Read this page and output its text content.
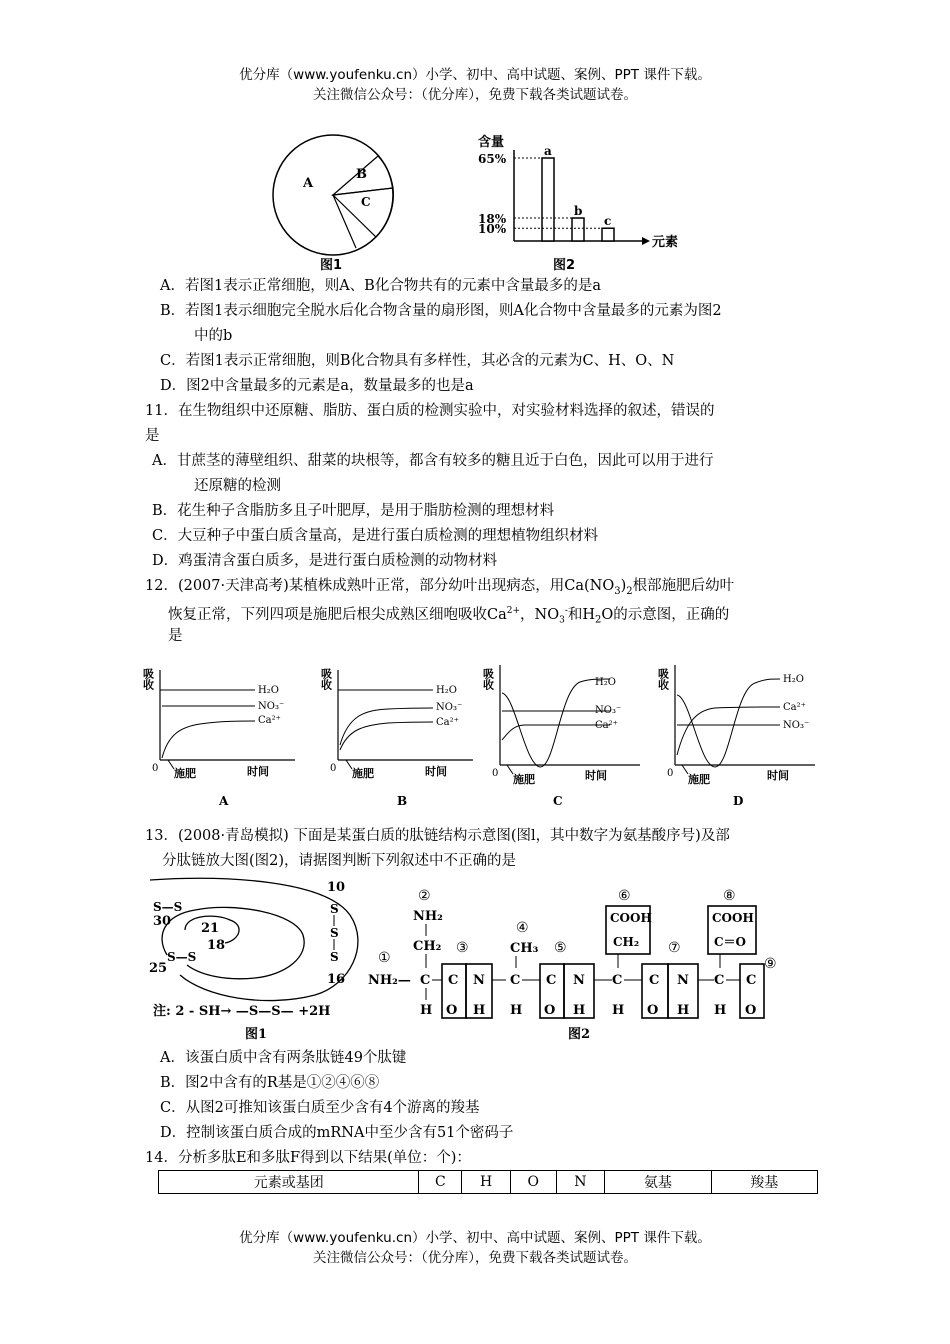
优分库（www.youfenku.cn）小学、初中、高中试题、案例、PPT 课件下载。
关注微信公众号：（优分库），免费下载各类试题试卷。
A
B
C
图1
含量
元素
65%
a
18%
b
10%
c
图2
A．若图1表示正常细胞，则A、B化合物共有的元素中含量最多的是a
B．若图1表示细胞完全脱水后化合物含量的扇形图，则A化合物中含量最多的元素为图2
中的b
C．若图1表示正常细胞，则B化合物具有多样性，其必含的元素为C、H、O、N
D．图2中含量最多的元素是a，数量最多的也是a
11．在生物组织中还原糖、脂肪、蛋白质的检测实验中，对实验材料选择的叙述，错误的
是
A．甘蔗茎的薄壁组织、甜菜的块根等，都含有较多的糖且近于白色，因此可以用于进行
还原糖的检测
B．花生种子含脂肪多且子叶肥厚，是用于脂肪检测的理想材料
C．大豆种子中蛋白质含量高，是进行蛋白质检测的理想植物组织材料
D．鸡蛋清含蛋白质多，是进行蛋白质检测的动物材料
12．(2007·天津高考)某植株成熟叶正常，部分幼叶出现病态，用$Ca(NO_3)_2$根部施肥后幼叶
恢复正常，下列四项是施肥后根尖成熟区细咆吸收$Ca^{2+}$，$NO_3^-$和$H_2O$的示意图，正确的
是
吸收
H₂O
NO₃⁻
Ca²⁺
0 施肥	时间
A
吸收
H₂O
NO₃⁻
Ca²⁺
0 施肥	时间
B
吸收	H₂O
NO₃⁻
Ca²⁺
0 施肥	时间
C
吸收	H₂O
Ca²⁺
NO₃⁻
0 施肥	时间
D
13．(2008·青岛模拟) 下面是某蛋白质的肽链结构示意图(图l，其中数字为氨基酸序号)及部
分肽链放大图(图2)，请据图判断下列叙述中不正确的是
10
30 21
18
25
16
S—S
S—S
S
S
S
注: 2 - SH→ —S—S— +2H
图1
②
NH₂
CH₂
①
NH₂— C
H
③
C
O
N
H
④
CH₃
C
H
⑤
C
O
N
H
⑥
COOH
CH₂
C
H
⑦
C
O
N
H
⑧
COOH
C＝O
C
H
⑨
C
O
图2
A．该蛋白质中含有两条肽链49个肽键
B．图2中含有的R基是①②④⑥⑧
C．从图2可推知该蛋白质至少含有4个游离的羧基
D．控制该蛋白质合成的mRNA中至少含有51个密码子
14．分析多肽E和多肽F得到以下结果(单位：个)：
元素或基团	C	H	O	N	氨基	羧基
优分库（www.youfenku.cn）小学、初中、高中试题、案例、PPT 课件下载。
关注微信公众号：（优分库），免费下载各类试题试卷。
